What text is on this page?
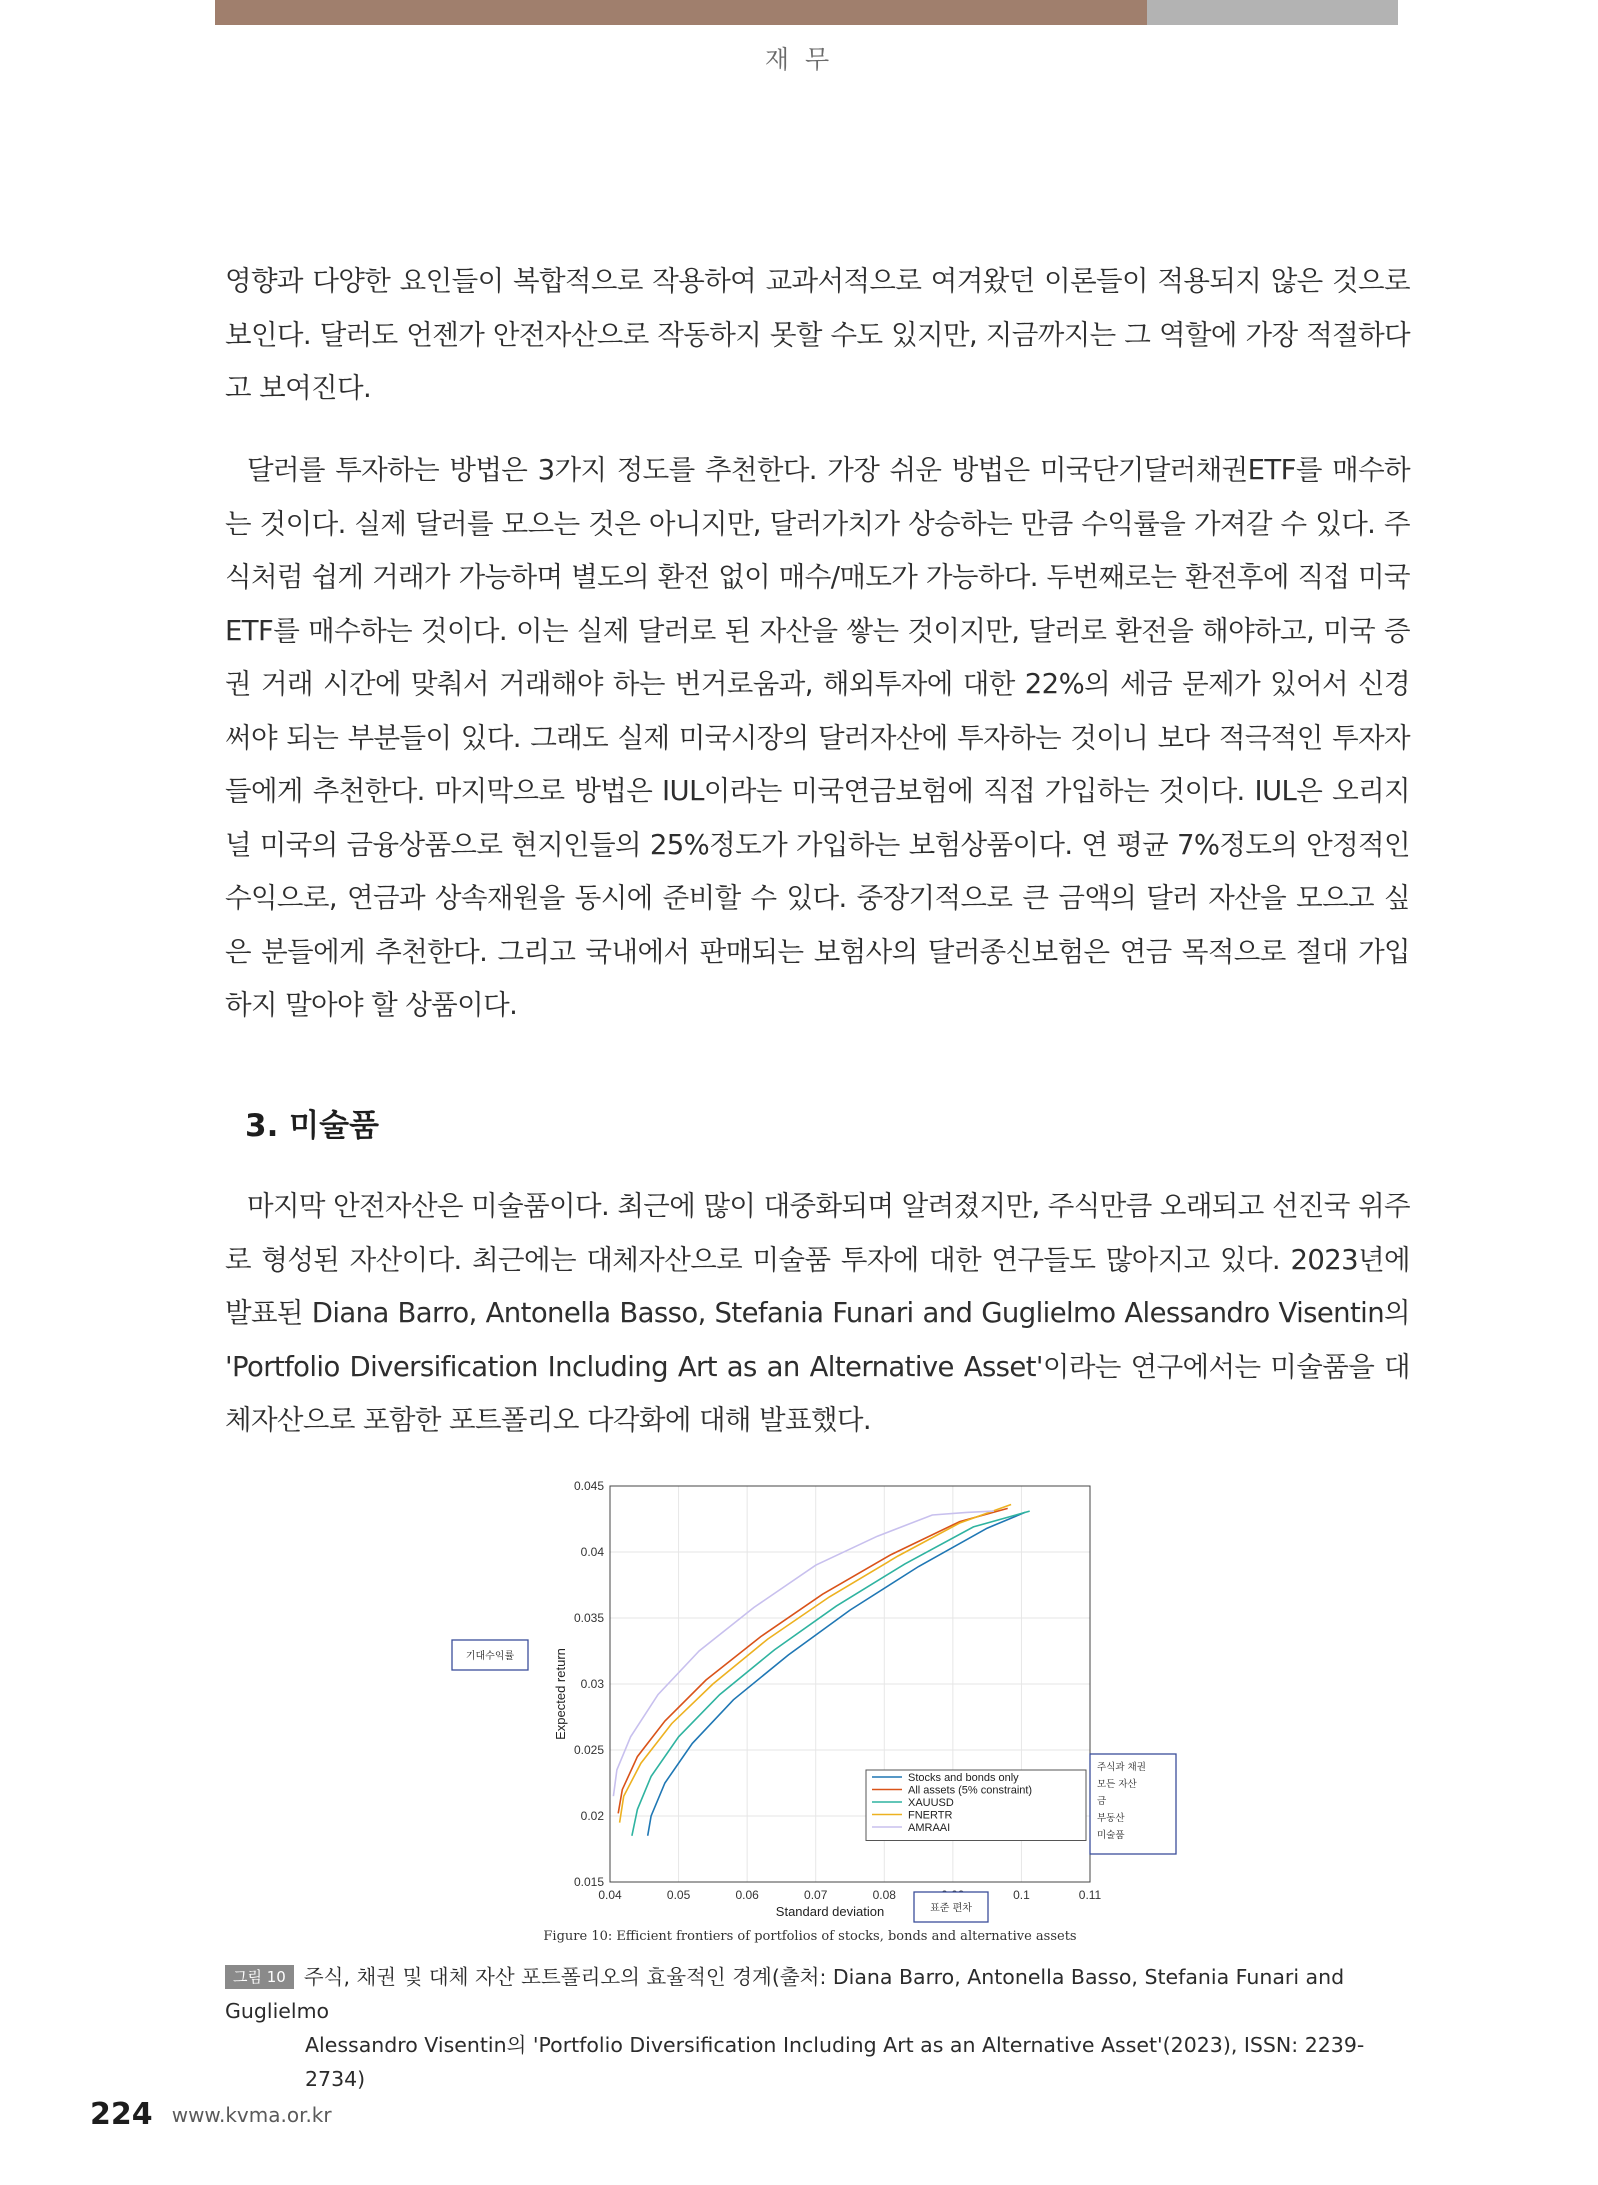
재 무

영향과 다양한 요인들이 복합적으로 작용하여 교과서적으로 여겨왔던 이론들이 적용되지 않은 것으로 보인다. 달러도 언젠가 안전자산으로 작동하지 못할 수도 있지만, 지금까지는 그 역할에 가장 적절하다고 보여진다.

달러를 투자하는 방법은 3가지 정도를 추천한다. 가장 쉬운 방법은 미국단기달러채권ETF를 매수하는 것이다. 실제 달러를 모으는 것은 아니지만, 달러가치가 상승하는 만큼 수익률을 가져갈 수 있다. 주식처럼 쉽게 거래가 가능하며 별도의 환전 없이 매수/매도가 가능하다. 두번째로는 환전후에 직접 미국 ETF를 매수하는 것이다. 이는 실제 달러로 된 자산을 쌓는 것이지만, 달러로 환전을 해야하고, 미국 증권 거래 시간에 맞춰서 거래해야 하는 번거로움과, 해외투자에 대한 22%의 세금 문제가 있어서 신경써야 되는 부분들이 있다. 그래도 실제 미국시장의 달러자산에 투자하는 것이니 보다 적극적인 투자자들에게 추천한다. 마지막으로 방법은 IUL이라는 미국연금보험에 직접 가입하는 것이다. IUL은 오리지널 미국의 금융상품으로 현지인들의 25%정도가 가입하는 보험상품이다. 연 평균 7%정도의 안정적인 수익으로, 연금과 상속재원을 동시에 준비할 수 있다. 중장기적으로 큰 금액의 달러 자산을 모으고 싶은 분들에게 추천한다. 그리고 국내에서 판매되는 보험사의 달러종신보험은 연금 목적으로 절대 가입하지 말아야 할 상품이다.

3. 미술품

마지막 안전자산은 미술품이다. 최근에 많이 대중화되며 알려졌지만, 주식만큼 오래되고 선진국 위주로 형성된 자산이다. 최근에는 대체자산으로 미술품 투자에 대한 연구들도 많아지고 있다. 2023년에 발표된 Diana Barro, Antonella Basso, Stefania Funari and Guglielmo Alessandro Visentin의 'Portfolio Diversification Including Art as an Alternative Asset'이라는 연구에서는 미술품을 대체자산으로 포함한 포트폴리오 다각화에 대해 발표했다.

0.04	0.05	0.06	0.07	0.08	0.1	0.11
0.015
0.02
0.025
0.03
0.035
0.04
0.045
Standard deviation
Expected return
Stocks and bonds only
All assets (5% constraint)
XAUUSD
FNERTR
AMRAAI
기대수익률
표준 편차
주식과 채권
모든 자산
금
부동산
미술품
Figure 10: Efficient frontiers of portfolios of stocks, bonds and alternative assets
그림 10 주식, 채권 및 대체 자산 포트폴리오의 효율적인 경계(출처: Diana Barro, Antonella Basso, Stefania Funari and Guglielmo
Alessandro Visentin의 'Portfolio Diversification Including Art as an Alternative Asset'(2023), ISSN: 2239-2734)
224 www.kvma.or.kr
